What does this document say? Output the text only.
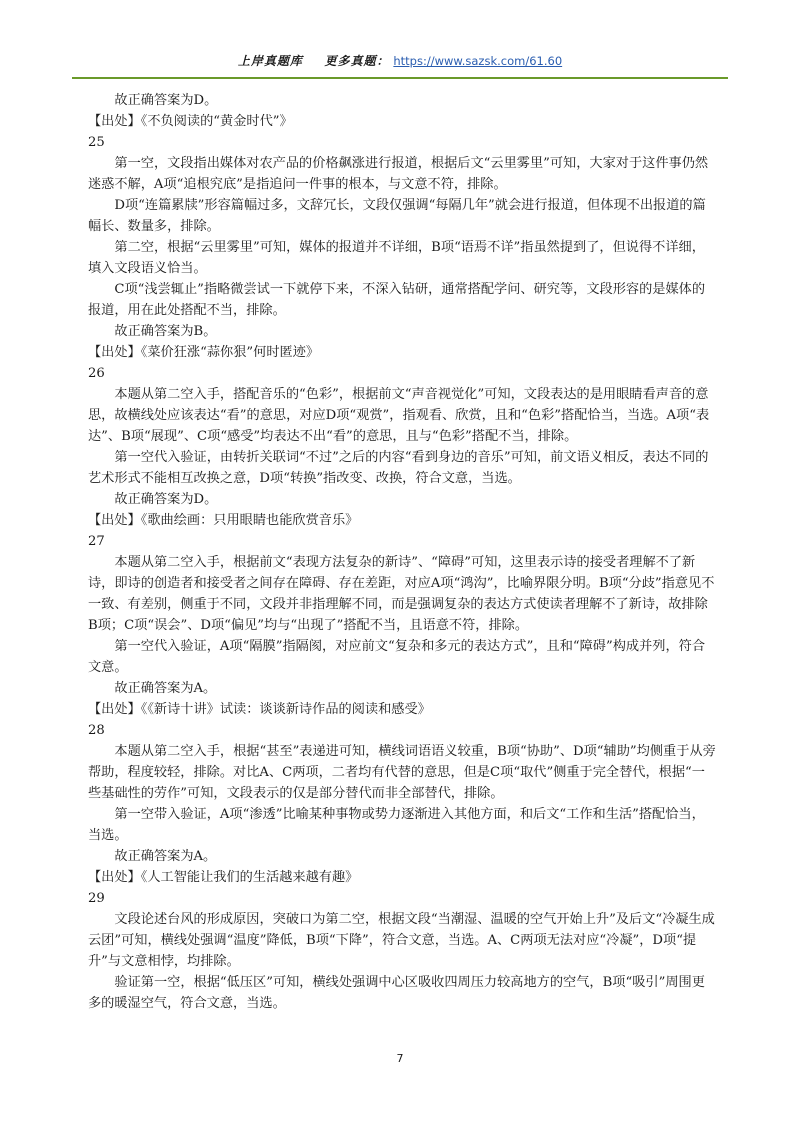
上岸真题库 更多真题： https://www.sazsk.com/61.60

故正确答案为D。

【出处】《不负阅读的“黄金时代”》

25

第一空，文段指出媒体对农产品的价格飙涨进行报道，根据后文“云里雾里”可知，大家对于这件事仍然迷惑不解，A项“追根究底”是指追问一件事的根本，与文意不符，排除。

D项“连篇累牍”形容篇幅过多，文辞冗长，文段仅强调“每隔几年”就会进行报道，但体现不出报道的篇幅长、数量多，排除。

第二空，根据“云里雾里”可知，媒体的报道并不详细，B项“语焉不详”指虽然提到了，但说得不详细，填入文段语义恰当。

C项“浅尝辄止”指略微尝试一下就停下来，不深入钻研，通常搭配学问、研究等，文段形容的是媒体的报道，用在此处搭配不当，排除。

故正确答案为B。

【出处】《菜价狂涨“蒜你狠”何时匿迹》

26

本题从第二空入手，搭配音乐的“色彩”，根据前文“声音视觉化”可知，文段表达的是用眼睛看声音的意思，故横线处应该表达“看”的意思，对应D项“观赏”，指观看、欣赏，且和“色彩”搭配恰当，当选。A项“表达”、B项“展现”、C项“感受”均表达不出“看”的意思，且与“色彩”搭配不当，排除。

第一空代入验证，由转折关联词“不过”之后的内容“看到身边的音乐”可知，前文语义相反，表达不同的艺术形式不能相互改换之意，D项“转换”指改变、改换，符合文意，当选。

故正确答案为D。

【出处】《歌曲绘画：只用眼睛也能欣赏音乐》

27

本题从第二空入手，根据前文“表现方法复杂的新诗”、“障碍”可知，这里表示诗的接受者理解不了新诗，即诗的创造者和接受者之间存在障碍、存在差距，对应A项“鸿沟”，比喻界限分明。B项“分歧”指意见不一致、有差别，侧重于不同，文段并非指理解不同，而是强调复杂的表达方式使读者理解不了新诗，故排除B项；C项“误会”、D项“偏见”均与“出现了”搭配不当，且语意不符，排除。

第一空代入验证，A项“隔膜”指隔阂，对应前文“复杂和多元的表达方式”，且和“障碍”构成并列，符合文意。

故正确答案为A。

【出处】《《新诗十讲》试读：谈谈新诗作品的阅读和感受》

28

本题从第二空入手，根据“甚至”表递进可知，横线词语语义较重，B项“协助”、D项“辅助”均侧重于从旁帮助，程度较轻，排除。对比A、C两项，二者均有代替的意思，但是C项“取代”侧重于完全替代，根据“一些基础性的劳作”可知，文段表示的仅是部分替代而非全部替代，排除。

第一空带入验证，A项“渗透”比喻某种事物或势力逐渐进入其他方面，和后文“工作和生活”搭配恰当，当选。

故正确答案为A。

【出处】《人工智能让我们的生活越来越有趣》

29

文段论述台风的形成原因，突破口为第二空，根据文段“当潮湿、温暖的空气开始上升”及后文“冷凝生成云团”可知，横线处强调“温度”降低，B项“下降”，符合文意，当选。A、C两项无法对应“冷凝”，D项“提升”与文意相悖，均排除。

验证第一空，根据“低压区”可知，横线处强调中心区吸收四周压力较高地方的空气，B项“吸引”周围更多的暖湿空气，符合文意，当选。

7
